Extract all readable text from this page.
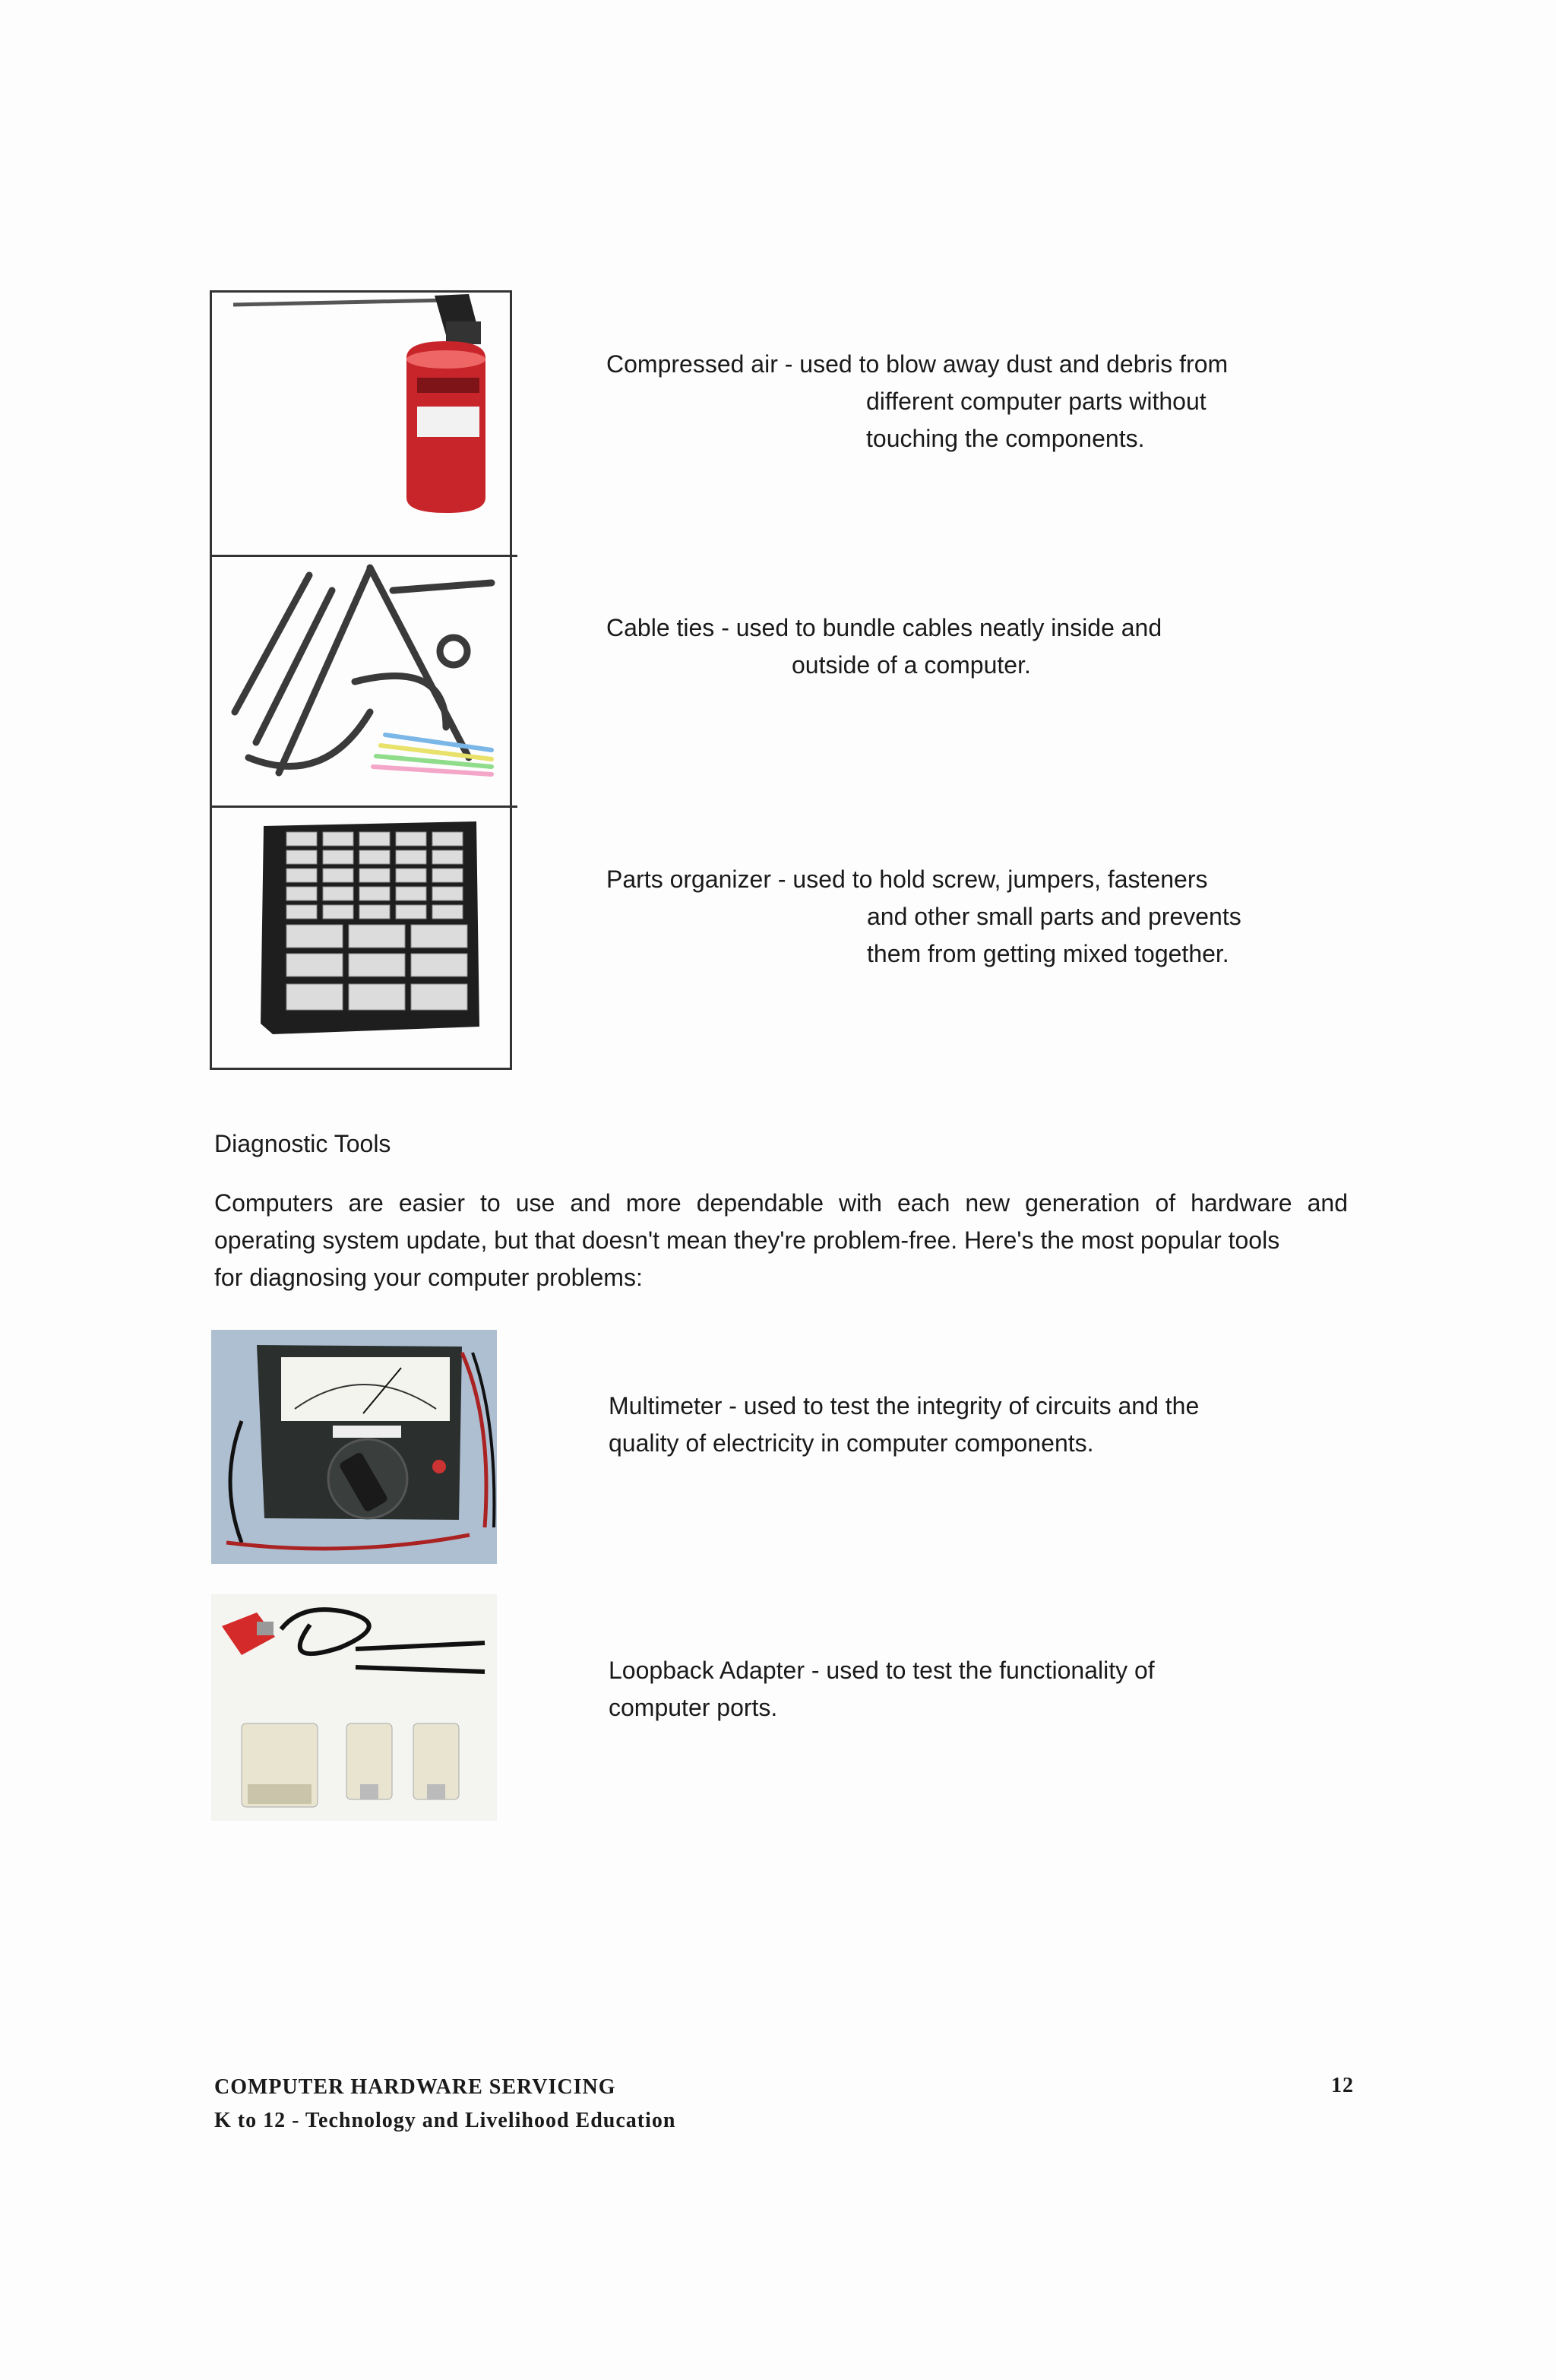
Compressed air - used to blow away dust and debris from
different computer parts without
touching the components.
Cable ties - used to bundle cables neatly inside and
outside of a computer.
Parts organizer - used to hold screw, jumpers, fasteners
and other small parts and prevents
them from getting mixed together.
Diagnostic Tools
Computers are easier to use and more dependable with each new generation of hardware and
operating system update, but that doesn't mean they're problem-free. Here's the most popular tools
for diagnosing your computer problems:
Multimeter - used to test the integrity of circuits and the
quality of electricity in computer components.
Loopback Adapter - used to test the functionality of
computer ports.
COMPUTER HARDWARE SERVICING
K to 12 - Technology and Livelihood Education
12
